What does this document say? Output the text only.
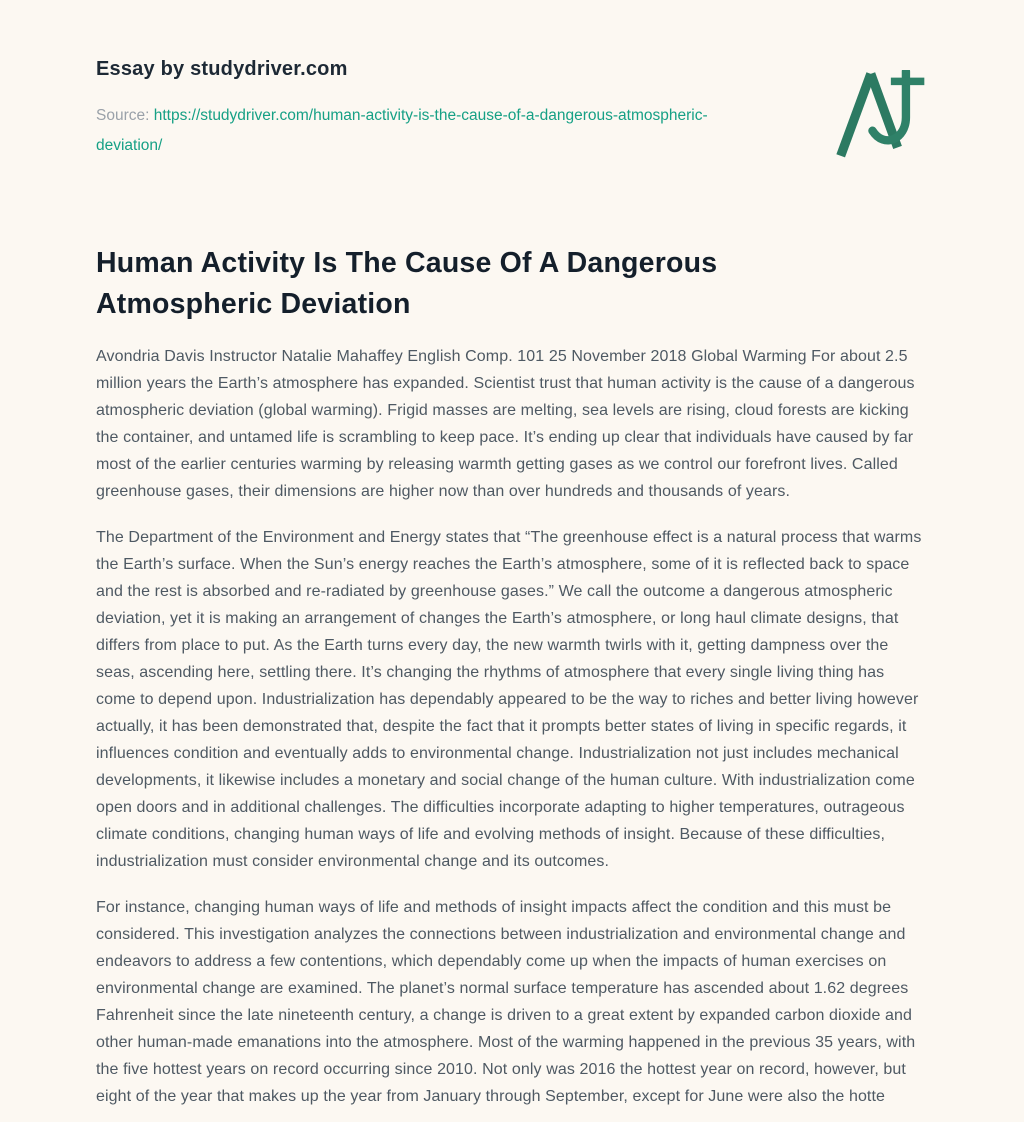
Essay by studydriver.com
Source: https://studydriver.com/human-activity-is-the-cause-of-a-dangerous-atmospheric-deviation/
Human Activity Is The Cause Of A Dangerous Atmospheric Deviation

Avondria Davis Instructor Natalie Mahaffey English Comp. 101 25 November 2018 Global Warming For about 2.5 million years the Earth’s atmosphere has expanded. Scientist trust that human activity is the cause of a dangerous atmospheric deviation (global warming). Frigid masses are melting, sea levels are rising, cloud forests are kicking the container, and untamed life is scrambling to keep pace. It’s ending up clear that individuals have caused by far most of the earlier centuries warming by releasing warmth getting gases as we control our forefront lives. Called greenhouse gases, their dimensions are higher now than over hundreds and thousands of years.

The Department of the Environment and Energy states that “The greenhouse effect is a natural process that warms the Earth’s surface. When the Sun’s energy reaches the Earth’s atmosphere, some of it is reflected back to space and the rest is absorbed and re-radiated by greenhouse gases.” We call the outcome a dangerous atmospheric deviation, yet it is making an arrangement of changes the Earth’s atmosphere, or long haul climate designs, that differs from place to put. As the Earth turns every day, the new warmth twirls with it, getting dampness over the seas, ascending here, settling there. It’s changing the rhythms of atmosphere that every single living thing has come to depend upon. Industrialization has dependably appeared to be the way to riches and better living however actually, it has been demonstrated that, despite the fact that it prompts better states of living in specific regards, it influences condition and eventually adds to environmental change. Industrialization not just includes mechanical developments, it likewise includes a monetary and social change of the human culture. With industrialization come open doors and in additional challenges. The difficulties incorporate adapting to higher temperatures, outrageous climate conditions, changing human ways of life and evolving methods of insight. Because of these difficulties, industrialization must consider environmental change and its outcomes.

For instance, changing human ways of life and methods of insight impacts affect the condition and this must be considered. This investigation analyzes the connections between industrialization and environmental change and endeavors to address a few contentions, which dependably come up when the impacts of human exercises on environmental change are examined. The planet’s normal surface temperature has ascended about 1.62 degrees Fahrenheit since the late nineteenth century, a change is driven to a great extent by expanded carbon dioxide and other human-made emanations into the atmosphere. Most of the warming happened in the previous 35 years, with the five hottest years on record occurring since 2010. Not only was 2016 the hottest year on record, however, but eight of the year that makes up the year from January through September, except for June were also the hotte
